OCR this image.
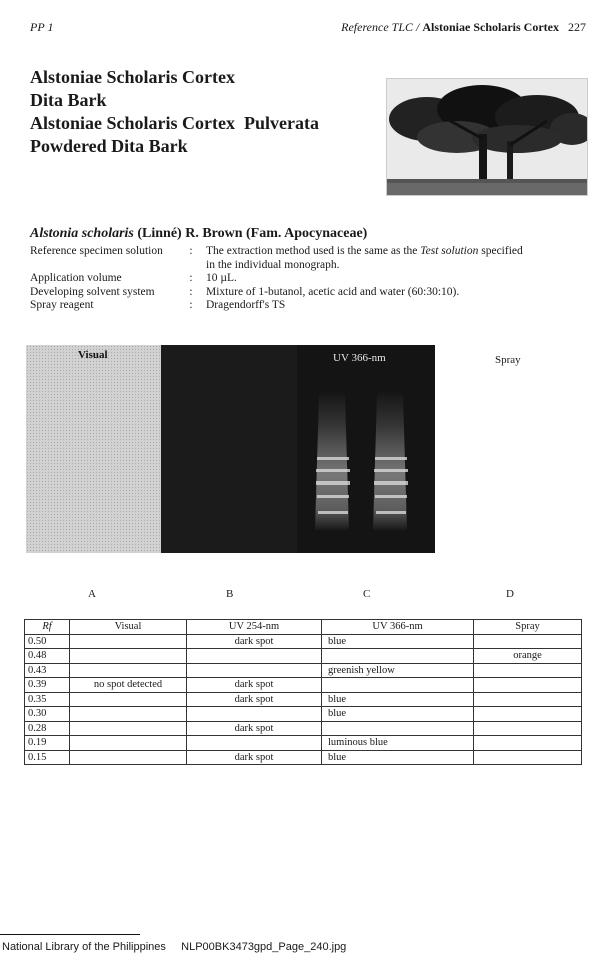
PP 1	Reference TLC / Alstoniae Scholaris Cortex 227
Alstoniae Scholaris Cortex
Dita Bark
Alstoniae Scholaris Cortex  Pulverata
Powdered Dita Bark
Alstonia scholaris (Linné) R. Brown (Fam. Apocynaceae)
Reference specimen solution	:	The extraction method used is the same as the Test solution specified
in the individual monograph.
Application volume	:	10 µL.
Developing solvent system	:	Mixture of 1-butanol, acetic acid and water (60:30:10).
Spray reagent	:	Dragendorff's TS
Visual	UV 366-nm	Spray
A	B	C	D
Rf	Visual	UV 254-nm	UV 366-nm	Spray
0.50		dark spot	blue	
0.48				orange
0.43			greenish yellow	
0.39	no spot detected	dark spot		
0.35		dark spot	blue	
0.30			blue	
0.28		dark spot		
0.19			luminous blue	
0.15		dark spot	blue	
National Library of the Philippines NLP00BK3473gpd_Page_240.jpg
